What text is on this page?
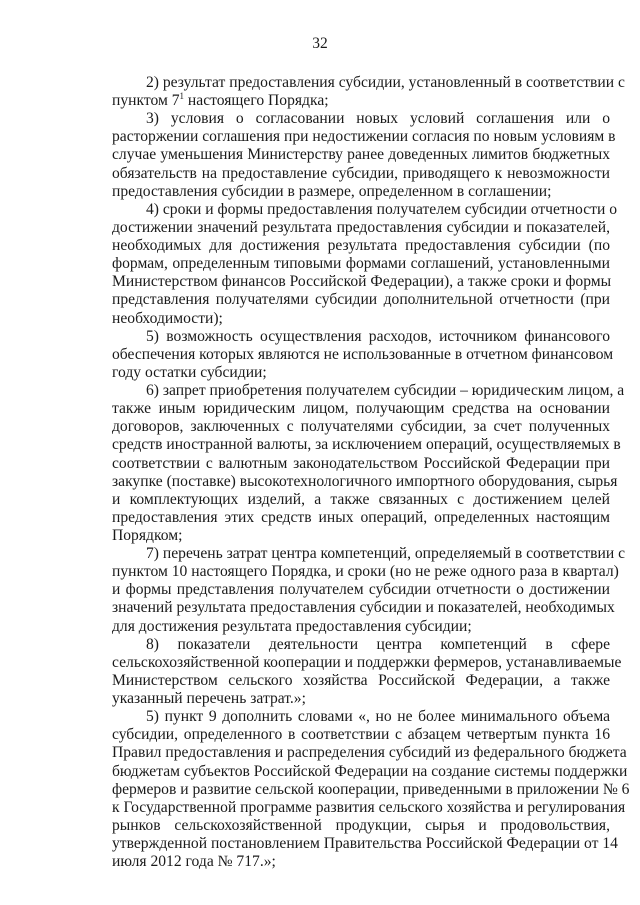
32
2) результат предоставления субсидии, установленный в соответствии с
пунктом $7^1$ настоящего Порядка;
3) условия о согласовании новых условий соглашения или о
расторжении соглашения при недостижении согласия по новым условиям в
случае уменьшения Министерству ранее доведенных лимитов бюджетных
обязательств на предоставление субсидии, приводящего к невозможности
предоставления субсидии в размере, определенном в соглашении;
4) сроки и формы предоставления получателем субсидии отчетности о
достижении значений результата предоставления субсидии и показателей,
необходимых для достижения результата предоставления субсидии (по
формам, определенным типовыми формами соглашений, установленными
Министерством финансов Российской Федерации), а также сроки и формы
представления получателями субсидии дополнительной отчетности (при
необходимости);
5) возможность осуществления расходов, источником финансового
обеспечения которых являются не использованные в отчетном финансовом
году остатки субсидии;
6) запрет приобретения получателем субсидии – юридическим лицом, а
также иным юридическим лицом, получающим средства на основании
договоров, заключенных с получателями субсидии, за счет полученных
средств иностранной валюты, за исключением операций, осуществляемых в
соответствии с валютным законодательством Российской Федерации при
закупке (поставке) высокотехнологичного импортного оборудования, сырья
и комплектующих изделий, а также связанных с достижением целей
предоставления этих средств иных операций, определенных настоящим
Порядком;
7) перечень затрат центра компетенций, определяемый в соответствии с
пунктом 10 настоящего Порядка, и сроки (но не реже одного раза в квартал)
и формы представления получателем субсидии отчетности о достижении
значений результата предоставления субсидии и показателей, необходимых
для достижения результата предоставления субсидии;
8) показатели деятельности центра компетенций в сфере
сельскохозяйственной кооперации и поддержки фермеров, устанавливаемые
Министерством сельского хозяйства Российской Федерации, а также
указанный перечень затрат.»;
5) пункт 9 дополнить словами «, но не более минимального объема
субсидии, определенного в соответствии с абзацем четвертым пункта 16
Правил предоставления и распределения субсидий из федерального бюджета
бюджетам субъектов Российской Федерации на создание системы поддержки
фермеров и развитие сельской кооперации, приведенными в приложении № 6
к Государственной программе развития сельского хозяйства и регулирования
рынков сельскохозяйственной продукции, сырья и продовольствия,
утвержденной постановлением Правительства Российской Федерации от 14
июля 2012 года № 717.»;
